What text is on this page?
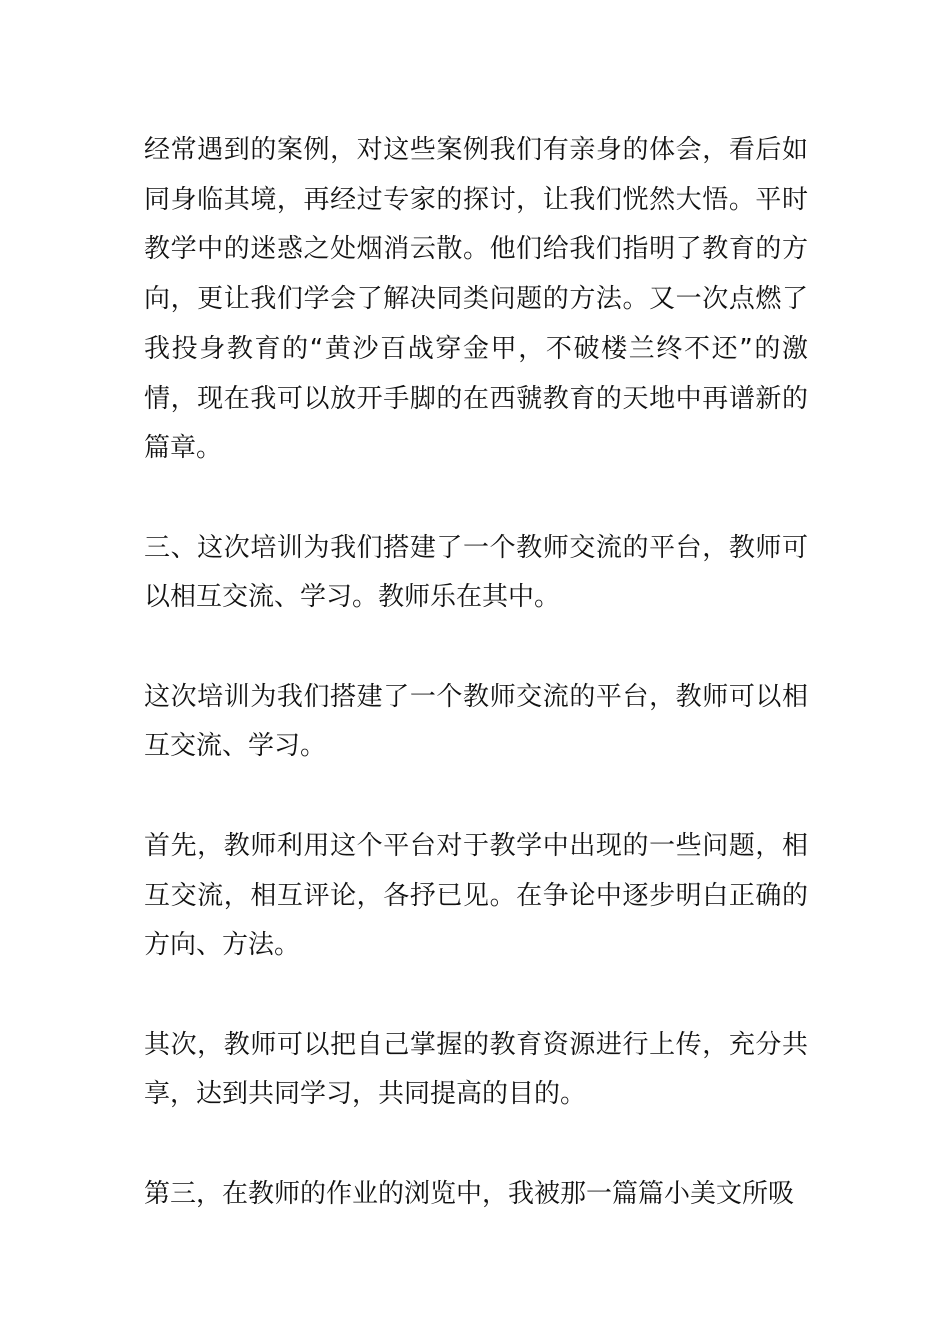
经常遇到的案例，对这些案例我们有亲身的体会，看后如同身临其境，再经过专家的探讨，让我们恍然大悟。平时教学中的迷惑之处烟消云散。他们给我们指明了教育的方向，更让我们学会了解决同类问题的方法。又一次点燃了我投身教育的“黄沙百战穿金甲，不破楼兰终不还”的激情，现在我可以放开手脚的在西虢教育的天地中再谱新的篇章。

三、这次培训为我们搭建了一个教师交流的平台，教师可以相互交流、学习。教师乐在其中。

这次培训为我们搭建了一个教师交流的平台，教师可以相互交流、学习。

首先，教师利用这个平台对于教学中出现的一些问题，相互交流，相互评论，各抒已见。在争论中逐步明白正确的方向、方法。

其次，教师可以把自己掌握的教育资源进行上传，充分共享，达到共同学习，共同提高的目的。

第三，在教师的作业的浏览中，我被那一篇篇小美文所吸
